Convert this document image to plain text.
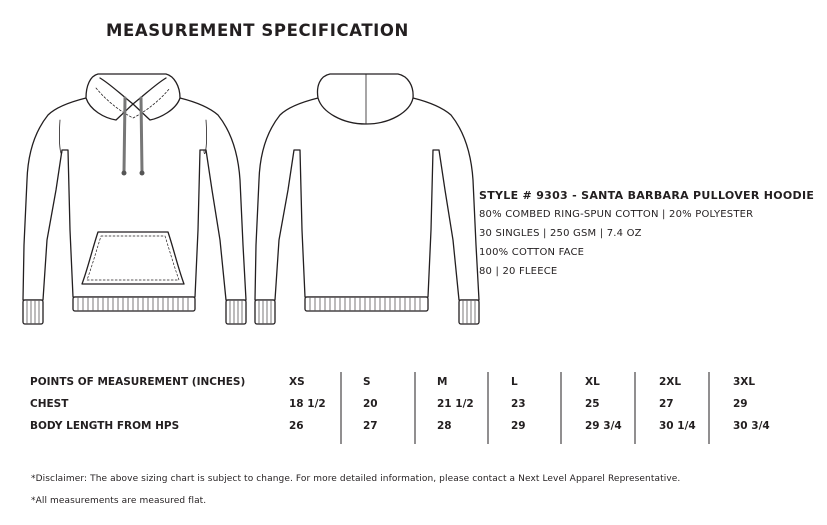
MEASUREMENT SPECIFICATION
STYLE # 9303 - SANTA BARBARA PULLOVER HOODIE
80% COMBED RING-SPUN COTTON | 20% POLYESTER
30 SINGLES | 250 GSM | 7.4 OZ
100% COTTON FACE
80 | 20 FLEECE
POINTS OF MEASUREMENT (INCHES)	XS	S	M	L	XL	2XL	3XL
CHEST	18 1/2	20	21 1/2	23	25	27	29
BODY LENGTH FROM HPS	26	27	28	29	29 3/4	30 1/4	30 3/4
*Disclaimer: The above sizing chart is subject to change. For more detailed information, please contact a Next Level Apparel Representative.
*All measurements are measured flat.
